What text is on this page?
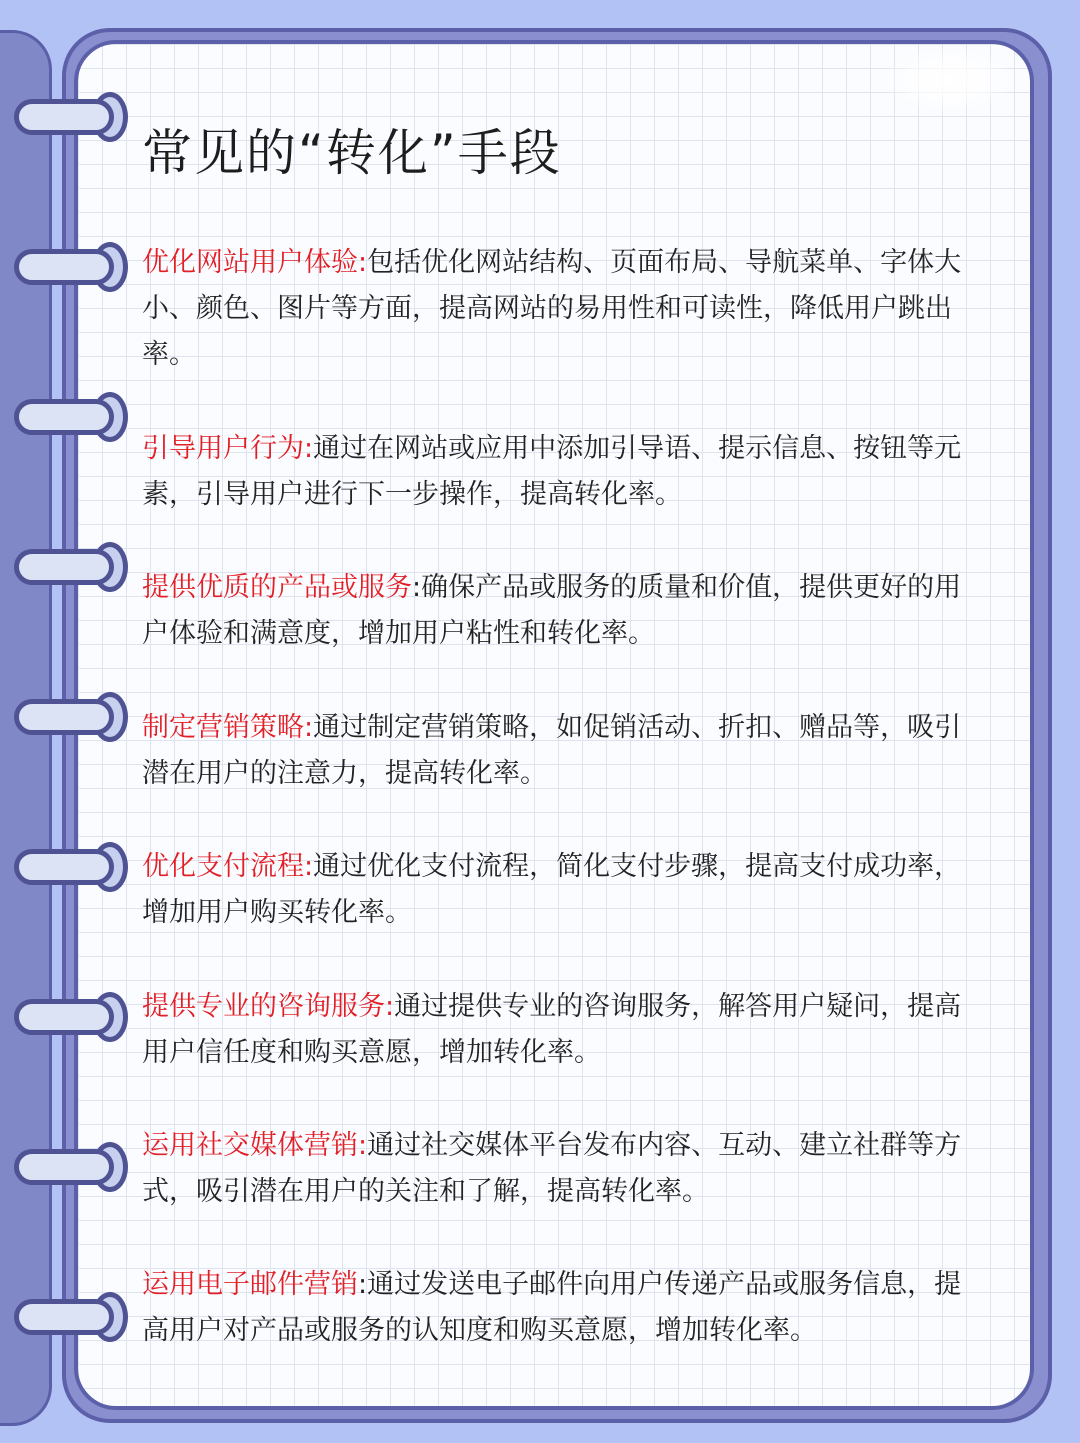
常见的“转化”手段

优化网站用户体验:包括优化网站结构、页面布局、导航菜单、字体大小、颜色、图片等方面，提高网站的易用性和可读性，降低用户跳出率。

引导用户行为:通过在网站或应用中添加引导语、提示信息、按钮等元素，引导用户进行下一步操作，提高转化率。

提供优质的产品或服务:确保产品或服务的质量和价值，提供更好的用户体验和满意度，增加用户粘性和转化率。

制定营销策略:通过制定营销策略，如促销活动、折扣、赠品等，吸引潜在用户的注意力，提高转化率。

优化支付流程:通过优化支付流程，简化支付步骤，提高支付成功率，增加用户购买转化率。

提供专业的咨询服务:通过提供专业的咨询服务，解答用户疑问，提高用户信任度和购买意愿，增加转化率。

运用社交媒体营销:通过社交媒体平台发布内容、互动、建立社群等方式，吸引潜在用户的关注和了解，提高转化率。

运用电子邮件营销:通过发送电子邮件向用户传递产品或服务信息，提高用户对产品或服务的认知度和购买意愿，增加转化率。
